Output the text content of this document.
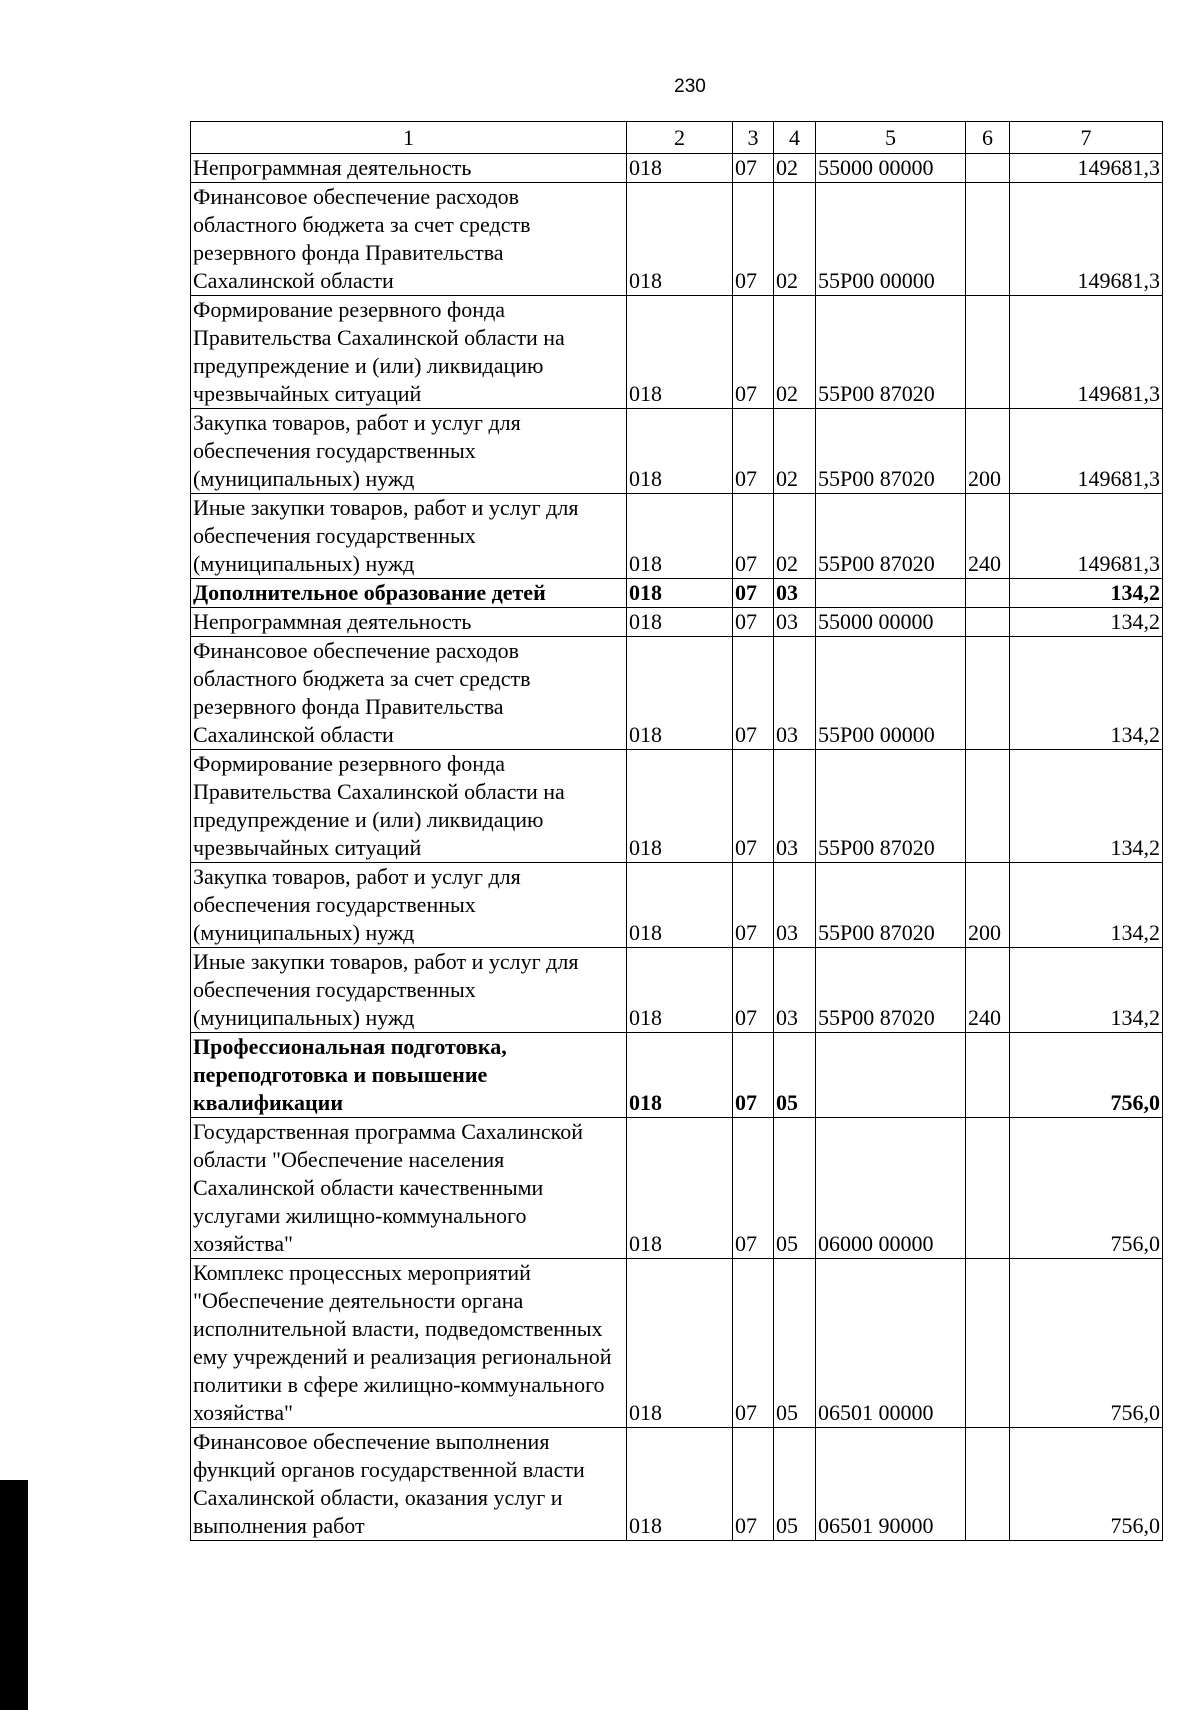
230
1	2	3	4	5	6	7
Непрограммная деятельность	018	07	02	55000 00000		149681,3
Финансовое обеспечение расходов областного бюджета за счет средств резервного фонда Правительства Сахалинской области	018	07	02	55Р00 00000		149681,3
Формирование резервного фонда Правительства Сахалинской области на предупреждение и (или) ликвидацию чрезвычайных ситуаций	018	07	02	55Р00 87020		149681,3
Закупка товаров, работ и услуг для обеспечения государственных (муниципальных) нужд	018	07	02	55Р00 87020	200	149681,3
Иные закупки товаров, работ и услуг для обеспечения государственных (муниципальных) нужд	018	07	02	55Р00 87020	240	149681,3
Дополнительное образование детей	018	07	03			134,2
Непрограммная деятельность	018	07	03	55000 00000		134,2
Финансовое обеспечение расходов областного бюджета за счет средств резервного фонда Правительства Сахалинской области	018	07	03	55Р00 00000		134,2
Формирование резервного фонда Правительства Сахалинской области на предупреждение и (или) ликвидацию чрезвычайных ситуаций	018	07	03	55Р00 87020		134,2
Закупка товаров, работ и услуг для обеспечения государственных (муниципальных) нужд	018	07	03	55Р00 87020	200	134,2
Иные закупки товаров, работ и услуг для обеспечения государственных (муниципальных) нужд	018	07	03	55Р00 87020	240	134,2
Профессиональная подготовка, переподготовка и повышение квалификации	018	07	05			756,0
Государственная программа Сахалинской области "Обеспечение населения Сахалинской области качественными услугами жилищно-коммунального хозяйства"	018	07	05	06000 00000		756,0
Комплекс процессных мероприятий "Обеспечение деятельности органа исполнительной власти, подведомственных ему учреждений и реализация региональной политики в сфере жилищно-коммунального хозяйства"	018	07	05	06501 00000		756,0
Финансовое обеспечение выполнения функций органов государственной власти Сахалинской области, оказания услуг и выполнения работ	018	07	05	06501 90000		756,0
